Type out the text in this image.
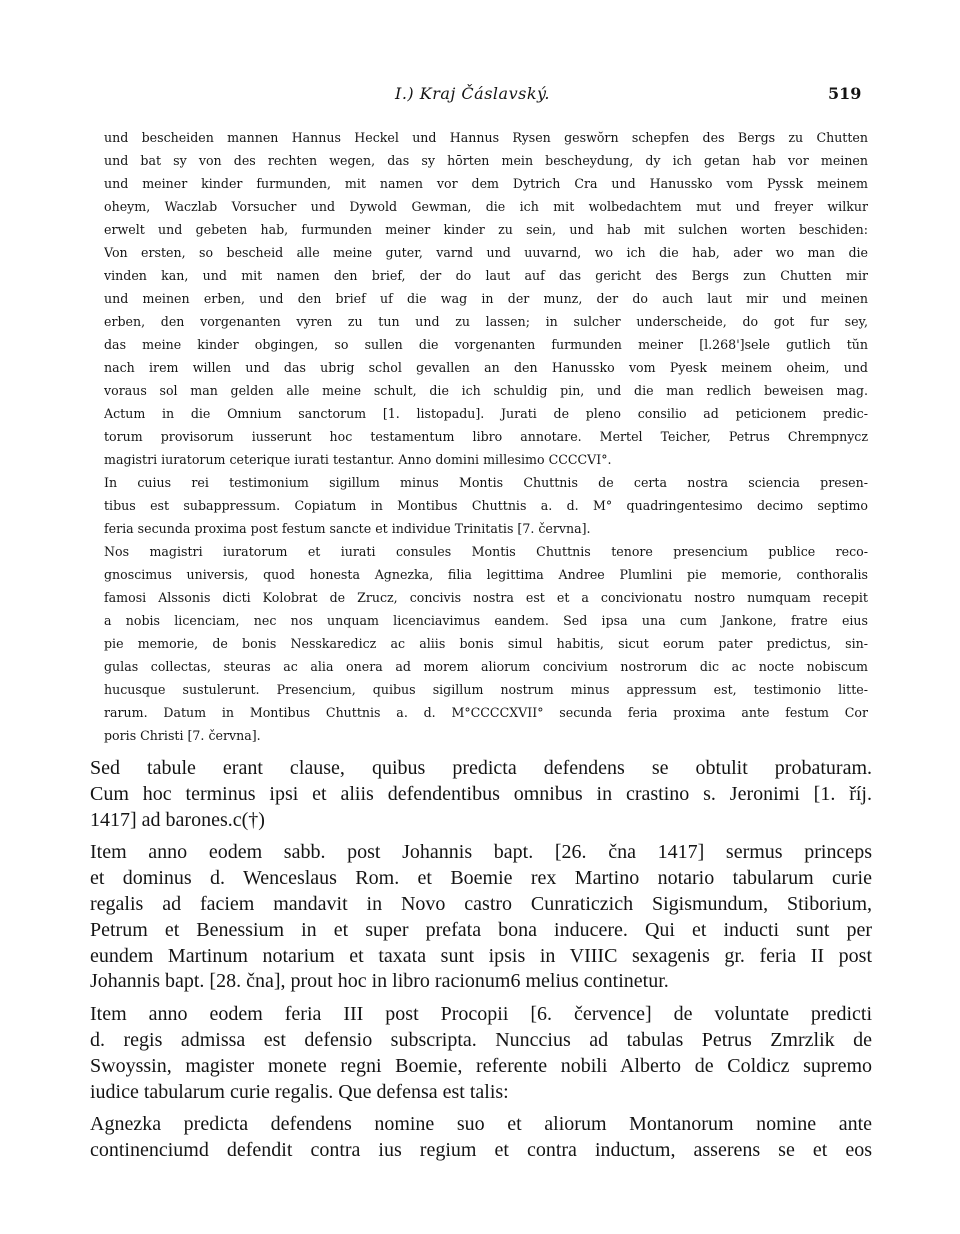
I.) Kraj Čáslavský.	519
und bescheiden mannen Hannus Heckel und Hannus Rysen geswŏrn schepfen des Bergs zu Chutten
und bat sy von des rechten wegen, das sy hōrten mein bescheydung, dy ich getan hab vor meinen
und meiner kinder furmunden, mit namen vor dem Dytrich Cra und Hanussko vom Pyssk meinem
oheym, Waczlab Vorsucher und Dywold Gewman, die ich mit wolbedachtem mut und freyer wilkur
erwelt und gebeten hab, furmunden meiner kinder zu sein, und hab mit sulchen worten beschiden:
Von ersten, so bescheid alle meine guter, varnd und uuvarnd, wo ich die hab, ader wo man die
vinden kan, und mit namen den brief, der do laut auf das gericht des Bergs zun Chutten mir
und meinen erben, und den brief uf die wag in der munz, der do auch laut mir und meinen
erben, den vorgenanten vyren zu tun und zu lassen; in sulcher underscheide, do got fur sey,
das meine kinder obgingen, so sullen die vorgenanten furmunden meiner [l.268']sele gutlich tŭn
nach irem willen und das ubrig schol gevallen an den Hanussko vom Pyesk meinem oheim, und
voraus sol man gelden alle meine schult, die ich schuldig pin, und die man redlich beweisen mag.
Actum in die Omnium sanctorum [1. listopadu]. Jurati de pleno consilio ad peticionem predic-
torum provisorum iusserunt hoc testamentum libro annotare. Mertel Teicher, Petrus Chrempnycz
magistri iuratorum ceterique iurati testantur. Anno domini millesimo CCCCVI°.
In cuius rei testimonium sigillum minus Montis Chuttnis de certa nostra sciencia presen-
tibus est subappressum. Copiatum in Montibus Chuttnis a. d. M° quadringentesimo decimo septimo
feria secunda proxima post festum sancte et individue Trinitatis [7. června].
Nos magistri iuratorum et iurati consules Montis Chuttnis tenore presencium publice reco-
gnoscimus universis, quod honesta Agnezka, filia legittima Andree Plumlini pie memorie, conthoralis
famosi Alssonis dicti Kolobrat de Zrucz, concivis nostra est et a concivionatu nostro numquam recepit
a nobis licenciam, nec nos unquam licenciavimus eandem. Sed ipsa una cum Jankone, fratre eius
pie memorie, de bonis Nesskaredicz ac aliis bonis simul habitis, sicut eorum pater predictus, sin-
gulas collectas, steuras ac alia onera ad morem aliorum concivium nostrorum dic ac nocte nobiscum
hucusque sustulerunt. Presencium, quibus sigillum nostrum minus appressum est, testimonio litte-
rarum. Datum in Montibus Chuttnis a. d. M°CCCCXVII° secunda feria proxima ante festum Cor
poris Christi [7. června].
Sed tabule erant clause, quibus predicta defendens se obtulit probaturam.
Cum hoc terminus ipsi et aliis defendentibus omnibus in crastino s. Jeronimi [1. říj.
1417] ad barones.c(†)
Item anno eodem sabb. post Johannis bapt. [26. čna 1417] sermus princeps
et dominus d. Wenceslaus Rom. et Boemie rex Martino notario tabularum curie
regalis ad faciem mandavit in Novo castro Cunraticzich Sigismundum, Stiborium,
Petrum et Benessium in et super prefata bona inducere. Qui et inducti sunt per
eundem Martinum notarium et taxata sunt ipsis in VIIIC sexagenis gr. feria II post
Johannis bapt. [28. čna], prout hoc in libro racionum6 melius continetur.
Item anno eodem feria III post Procopii [6. července] de voluntate predicti
d. regis admissa est defensio subscripta. Nunccius ad tabulas Petrus Zmrzlik de
Swoyssin, magister monete regni Boemie, referente nobili Alberto de Coldicz supremo
iudice tabularum curie regalis. Que defensa est talis:
Agnezka predicta defendens nomine suo et aliorum Montanorum nomine ante
continenciumd defendit contra ius regium et contra inductum, asserens se et eos
